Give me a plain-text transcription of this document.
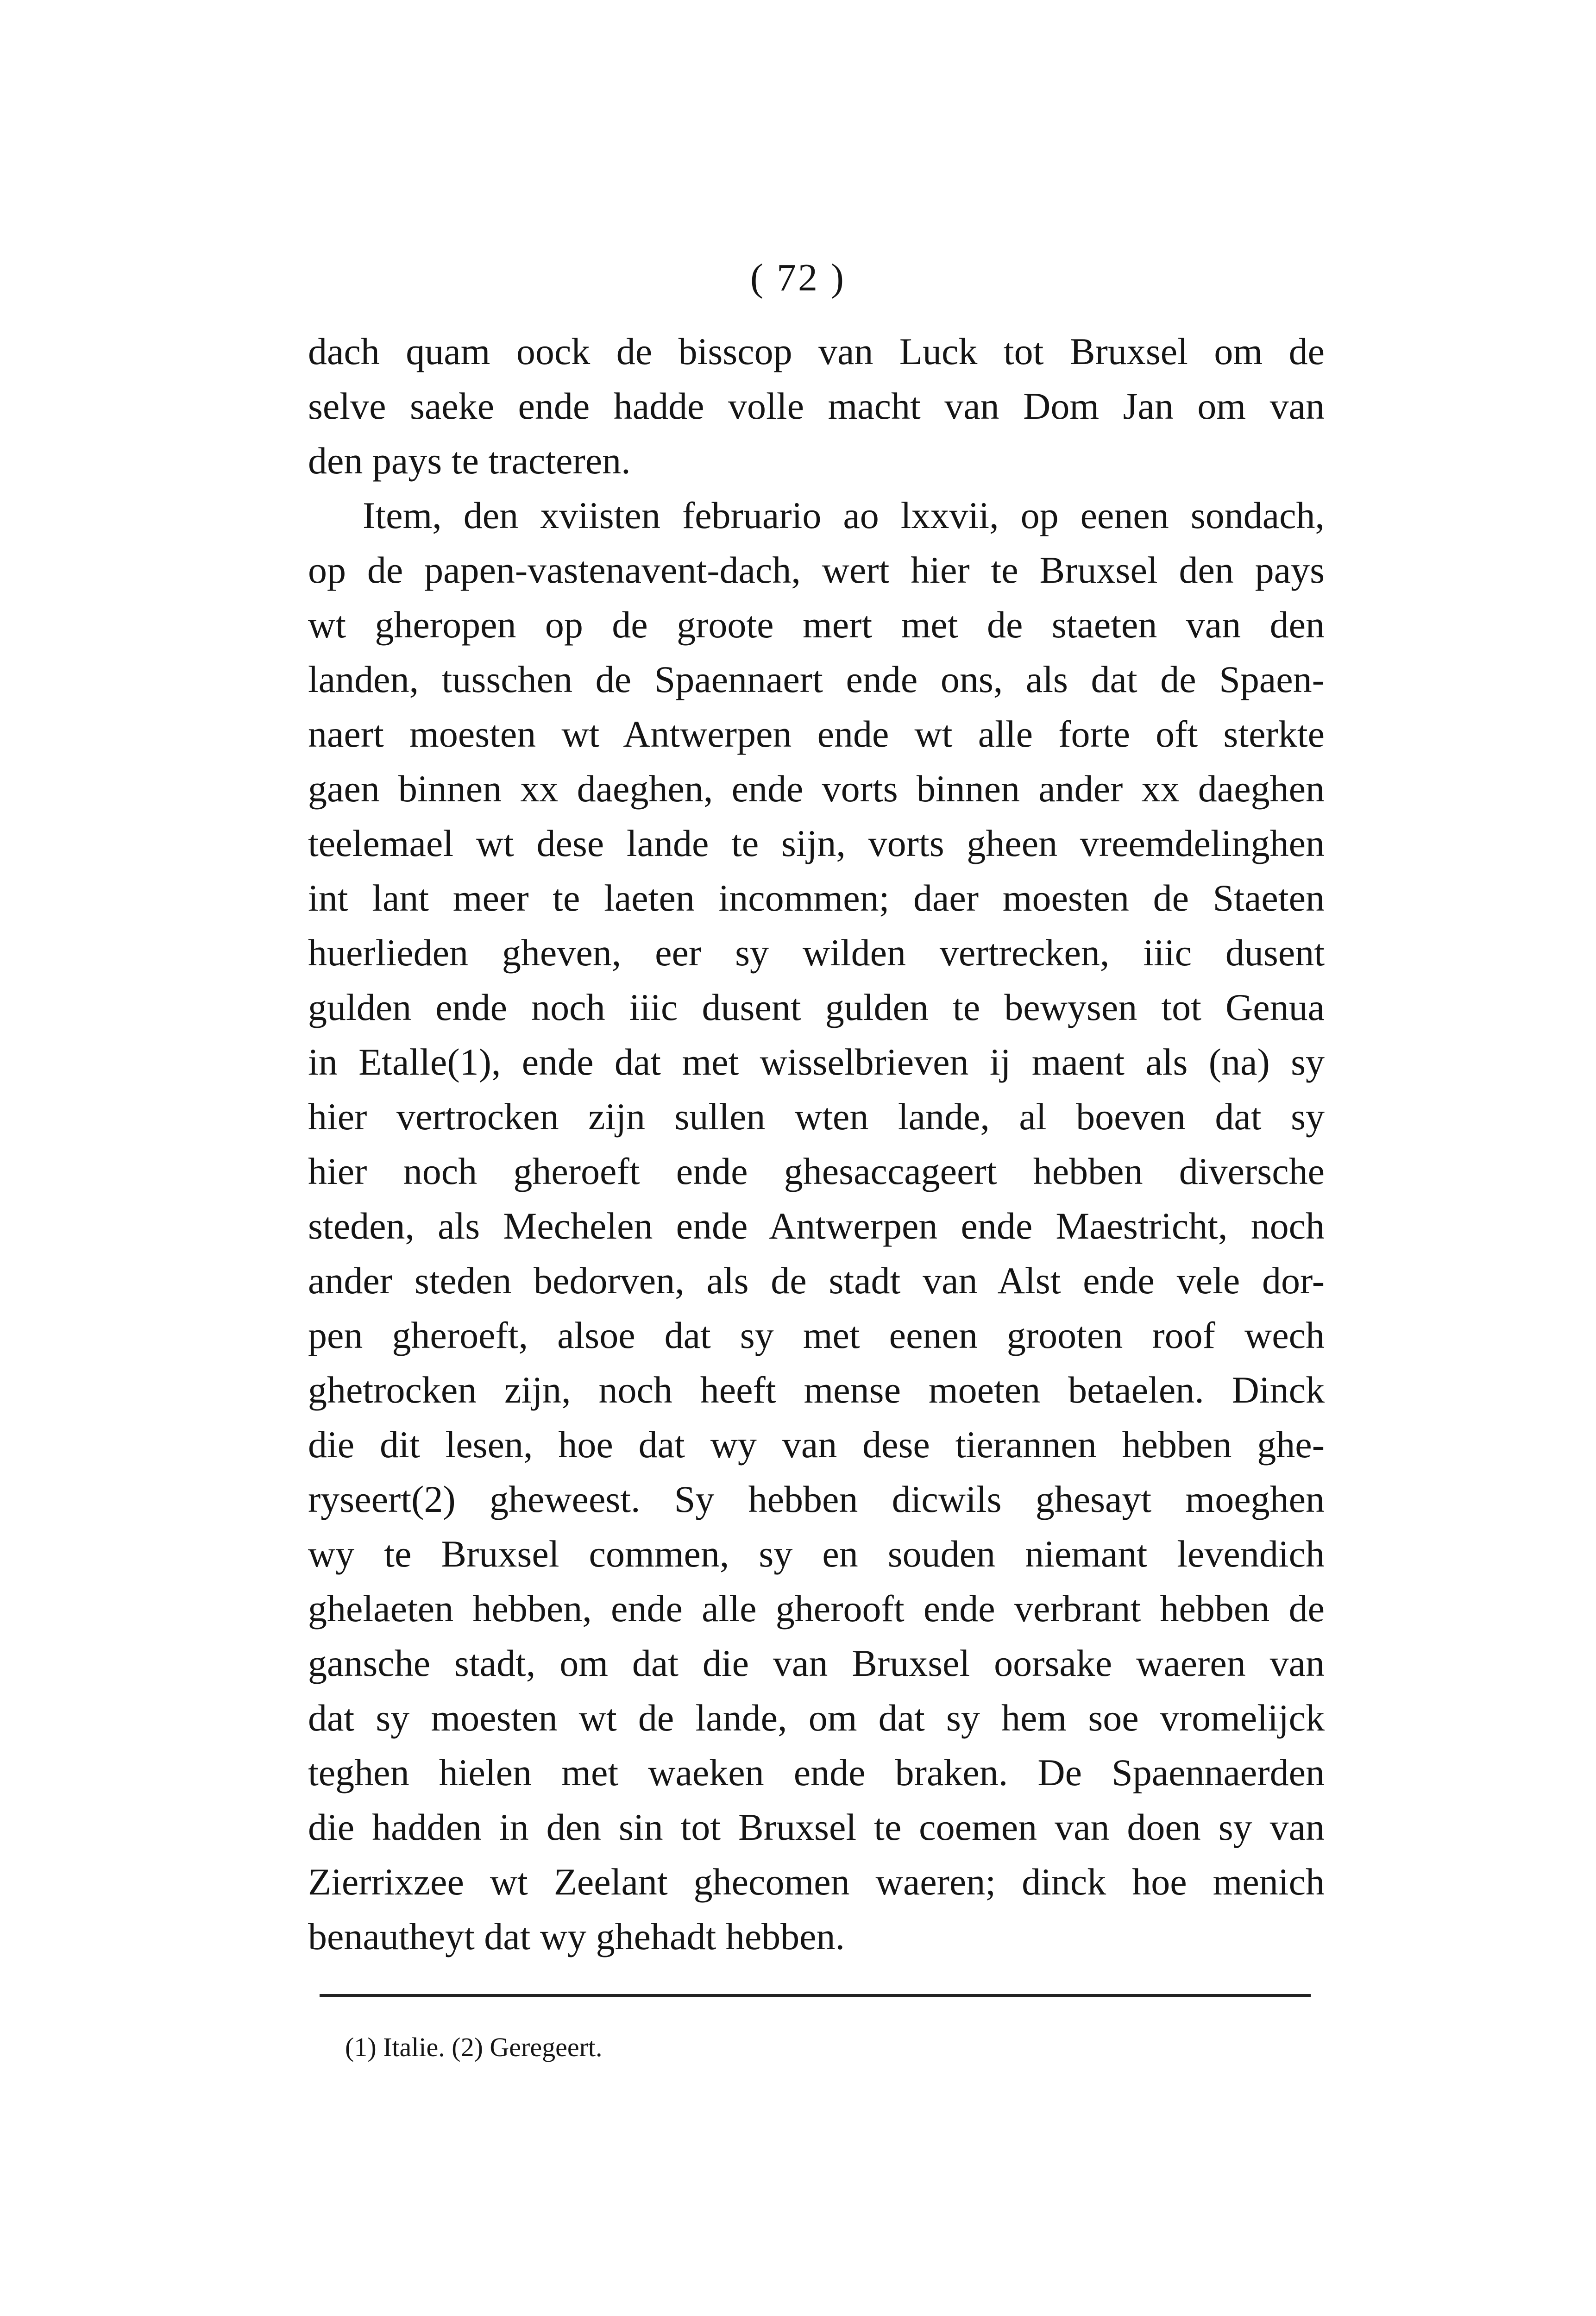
( 72 )
dach quam oock de bisscop van Luck tot Bruxsel om de
selve saeke ende hadde volle macht van Dom Jan om van
den pays te tracteren.
Item, den xviisten februario ao lxxvii, op eenen sondach,
op de papen-vastenavent-dach, wert hier te Bruxsel den pays
wt gheropen op de groote mert met de staeten van den
landen, tusschen de Spaennaert ende ons, als dat de Spaen-
naert moesten wt Antwerpen ende wt alle forte oft sterkte
gaen binnen xx daeghen, ende vorts binnen ander xx daeghen
teelemael wt dese lande te sijn, vorts gheen vreemdelinghen
int lant meer te laeten incommen; daer moesten de Staeten
huerlieden gheven, eer sy wilden vertrecken, iiic dusent
gulden ende noch iiic dusent gulden te bewysen tot Genua
in Etalle(1), ende dat met wisselbrieven ij maent als (na) sy
hier vertrocken zijn sullen wten lande, al boeven dat sy
hier noch gheroeft ende ghesaccageert hebben diversche
steden, als Mechelen ende Antwerpen ende Maestricht, noch
ander steden bedorven, als de stadt van Alst ende vele dor-
pen gheroeft, alsoe dat sy met eenen grooten roof wech
ghetrocken zijn, noch heeft mense moeten betaelen. Dinck
die dit lesen, hoe dat wy van dese tierannen hebben ghe-
ryseert(2) gheweest. Sy hebben dicwils ghesayt moeghen
wy te Bruxsel commen, sy en souden niemant levendich
ghelaeten hebben, ende alle gherooft ende verbrant hebben de
gansche stadt, om dat die van Bruxsel oorsake waeren van
dat sy moesten wt de lande, om dat sy hem soe vromelijck
teghen hielen met waeken ende braken. De Spaennaerden
die hadden in den sin tot Bruxsel te coemen van doen sy van
Zierrixzee wt Zeelant ghecomen waeren; dinck hoe menich
benautheyt dat wy ghehadt hebben.
(1) Italie. (2) Geregeert.
